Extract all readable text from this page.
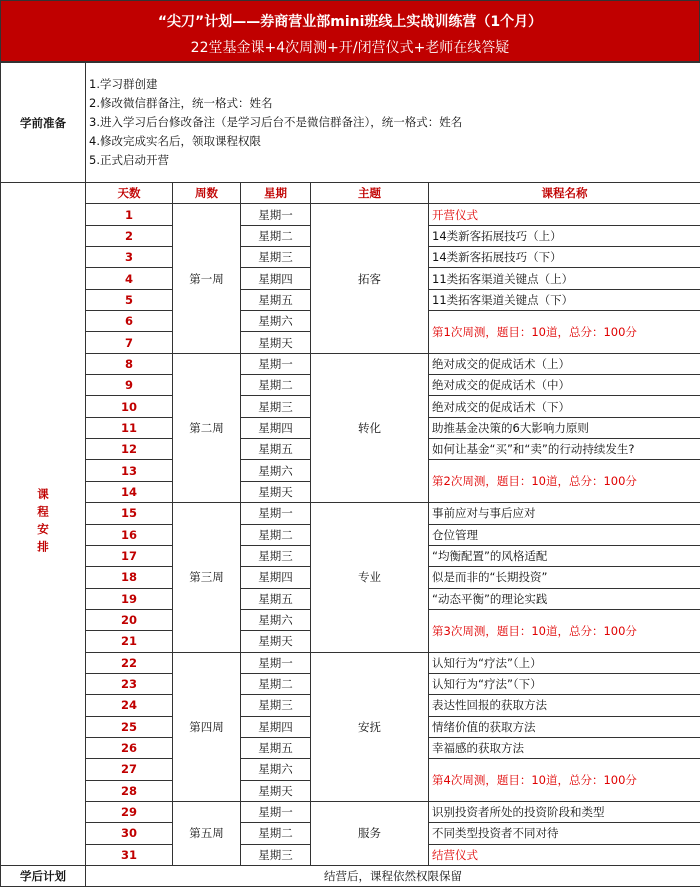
“尖刀”计划——券商营业部mini班线上实战训练营（1个月）
22堂基金课+4次周测+开/闭营仪式+老师在线答疑
学前准备	1.学习群创建
2.修改微信群备注，统一格式：姓名
3.进入学习后台修改备注（是学习后台不是微信群备注），统一格式：姓名
4.修改完成实名后，领取课程权限
5.正式启动开营				

课程安排	天数	周数	星期	主题	课程名称
	1	第一周	星期一	拓客	开营仪式
	2		星期二		14类新客拓展技巧（上）
	3		星期三		14类新客拓展技巧（下）
	4		星期四		11类拓客渠道关键点（上）
	5		星期五		11类拓客渠道关键点（下）
	6		星期六		第1次周测，题目：10道，总分：100分
	7		星期天		
	8	第二周	星期一	转化	绝对成交的促成话术（上）
	9		星期二		绝对成交的促成话术（中）
	10		星期三		绝对成交的促成话术（下）
	11		星期四		助推基金决策的6大影响力原则
	12		星期五		如何让基金“买”和“卖”的行动持续发生?
	13		星期六		第2次周测，题目：10道，总分：100分
	14		星期天		
	15	第三周	星期一	专业	事前应对与事后应对
	16		星期二		仓位管理
	17		星期三		“均衡配置”的风格适配
	18		星期四		似是而非的“长期投资”
	19		星期五		“动态平衡”的理论实践
	20		星期六		第3次周测，题目：10道，总分：100分
	21		星期天		
	22	第四周	星期一	安抚	认知行为“疗法”（上）
	23		星期二		认知行为“疗法”（下）
	24		星期三		表达性回报的获取方法
	25		星期四		情绪价值的获取方法
	26		星期五		幸福感的获取方法
	27		星期六		第4次周测，题目：10道，总分：100分
	28		星期天		
	29	第五周	星期一	服务	识别投资者所处的投资阶段和类型
	30		星期二		不同类型投资者不同对待
	31		星期三		结营仪式
学后计划	结营后，课程依然权限保留				
